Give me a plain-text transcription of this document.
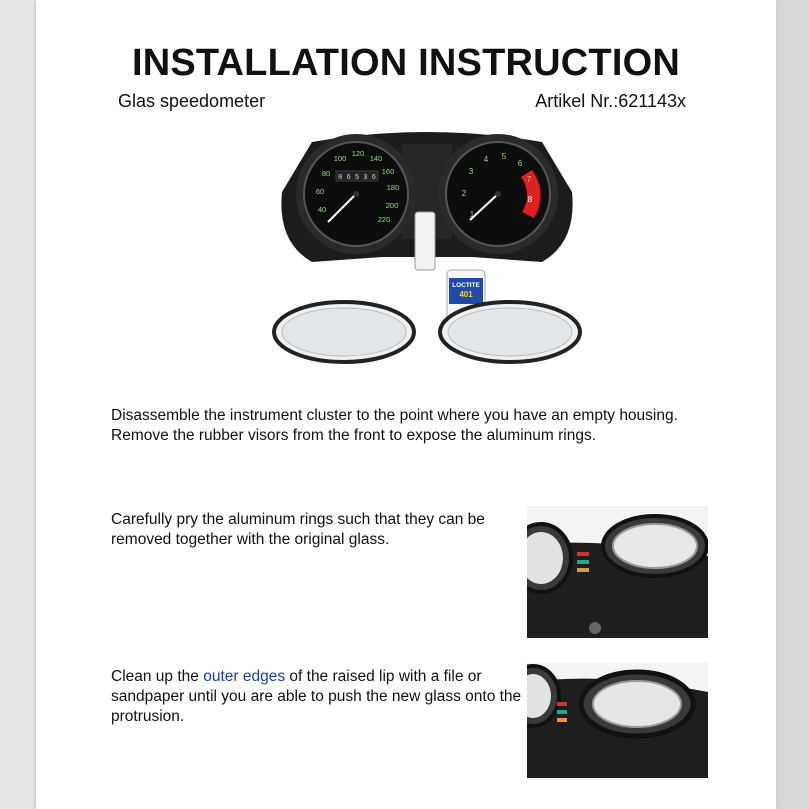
INSTALLATION INSTRUCTION

Glas speedometer	Artikel Nr.:621143x

60
80
100
120
140
160
180
200
220
40
0 6 5 3 6
1
2
3
4 5
6
7
8
LOCTITE
401

Disassemble the instrument cluster to the point where you have an empty housing. Remove the rubber visors from the front to expose the aluminum rings.

Carefully pry the aluminum rings such that they can be removed together with the original glass.

Clean up the outer edges of the raised lip with a file or sandpaper until you are able to push the new glass onto the protrusion.
